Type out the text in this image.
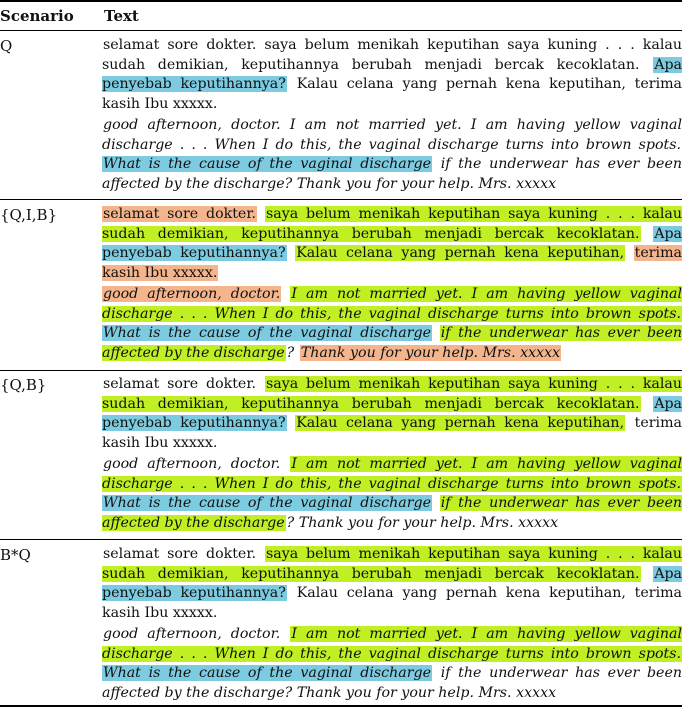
Scenario Text
Q	selamat sore dokter. saya belum menikah keputihan saya kuning . . . kalau sudah demikian, keputihannya berubah menjadi bercak kecoklatan. Apa penyebab keputihannya? Kalau celana yang pernah kena keputihan, terima kasih Ibu xxxxx.
good afternoon, doctor. I am not married yet. I am having yellow vaginal discharge . . . When I do this, the vaginal discharge turns into brown spots. What is the cause of the vaginal discharge if the underwear has ever been affected by the discharge? Thank you for your help. Mrs. xxxxx
{Q,I,B}	selamat sore dokter. saya belum menikah keputihan saya kuning . . . kalau sudah demikian, keputihannya berubah menjadi bercak kecoklatan. Apa penyebab keputihannya? Kalau celana yang pernah kena keputihan, terima kasih Ibu xxxxx.
good afternoon, doctor. I am not married yet. I am having yellow vaginal discharge . . . When I do this, the vaginal discharge turns into brown spots. What is the cause of the vaginal discharge if the underwear has ever been affected by the discharge ? Thank you for your help. Mrs. xxxxx
{Q,B}	selamat sore dokter. saya belum menikah keputihan saya kuning . . . kalau sudah demikian, keputihannya berubah menjadi bercak kecoklatan. Apa penyebab keputihannya? Kalau celana yang pernah kena keputihan, terima kasih Ibu xxxxx.
good afternoon, doctor. I am not married yet. I am having yellow vaginal discharge . . . When I do this, the vaginal discharge turns into brown spots. What is the cause of the vaginal discharge if the underwear has ever been affected by the discharge ? Thank you for your help. Mrs. xxxxx
B*Q	selamat sore dokter. saya belum menikah keputihan saya kuning . . . kalau sudah demikian, keputihannya berubah menjadi bercak kecoklatan. Apa penyebab keputihannya? Kalau celana yang pernah kena keputihan, terima kasih Ibu xxxxx.
good afternoon, doctor. I am not married yet. I am having yellow vaginal discharge . . . When I do this, the vaginal discharge turns into brown spots. What is the cause of the vaginal discharge if the underwear has ever been affected by the discharge? Thank you for your help. Mrs. xxxxx
